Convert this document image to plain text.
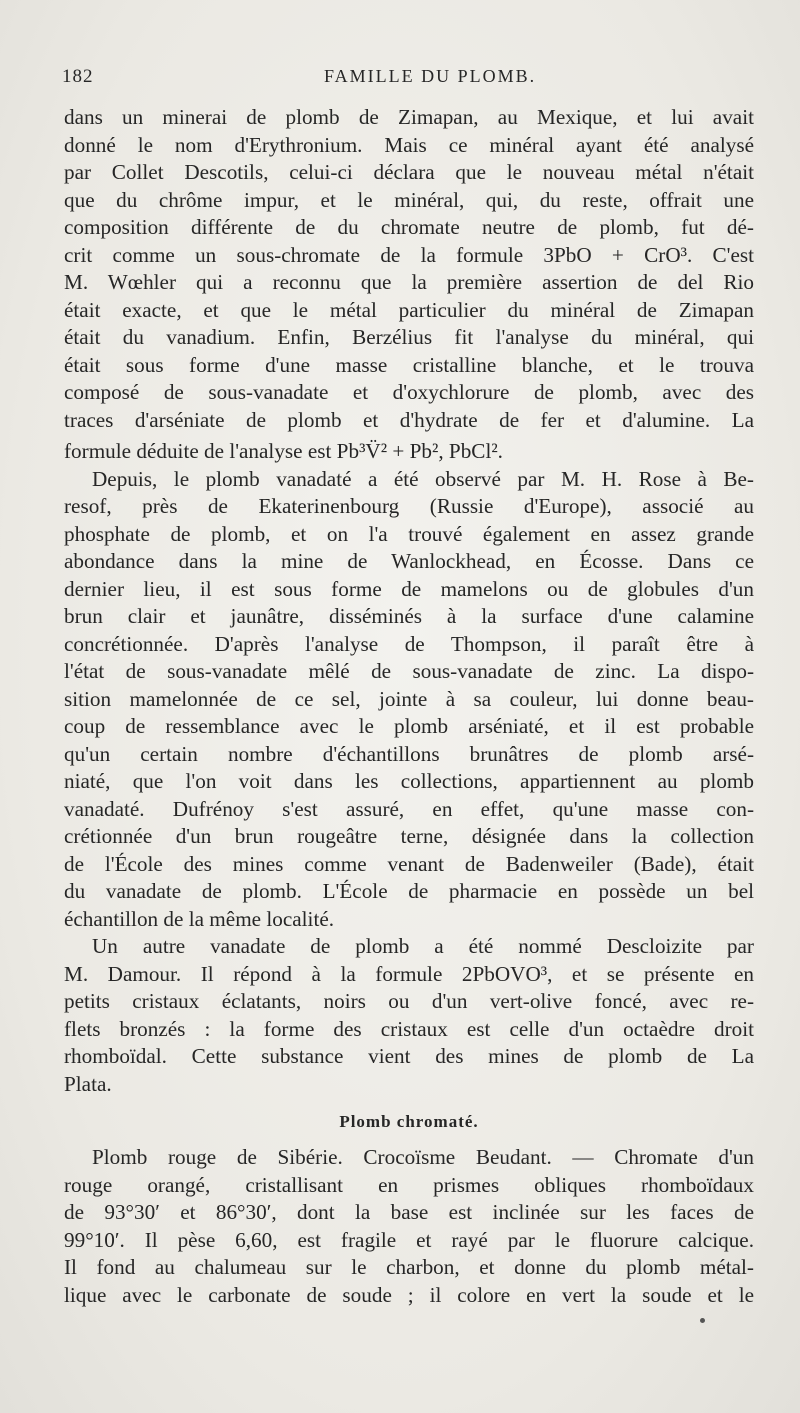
182	FAMILLE DU PLOMB.
dans un minerai de plomb de Zimapan, au Mexique, et lui avait
donné le nom d'Erythronium. Mais ce minéral ayant été analysé
par Collet Descotils, celui-ci déclara que le nouveau métal n'était
que du chrôme impur, et le minéral, qui, du reste, offrait une
composition différente de du chromate neutre de plomb, fut dé-
crit comme un sous-chromate de la formule 3PbO + CrO³. C'est
M. Wœhler qui a reconnu que la première assertion de del Rio
était exacte, et que le métal particulier du minéral de Zimapan
était du vanadium. Enfin, Berzélius fit l'analyse du minéral, qui
était sous forme d'une masse cristalline blanche, et le trouva
composé de sous-vanadate et d'oxychlorure de plomb, avec des
traces d'arséniate de plomb et d'hydrate de fer et d'alumine. La
formule déduite de l'analyse est Pb³V̈² + Pb², PbCl².
Depuis, le plomb vanadaté a été observé par M. H. Rose à Be-
resof, près de Ekaterinenbourg (Russie d'Europe), associé au
phosphate de plomb, et on l'a trouvé également en assez grande
abondance dans la mine de Wanlockhead, en Écosse. Dans ce
dernier lieu, il est sous forme de mamelons ou de globules d'un
brun clair et jaunâtre, disséminés à la surface d'une calamine
concrétionnée. D'après l'analyse de Thompson, il paraît être à
l'état de sous-vanadate mêlé de sous-vanadate de zinc. La dispo-
sition mamelonnée de ce sel, jointe à sa couleur, lui donne beau-
coup de ressemblance avec le plomb arséniaté, et il est probable
qu'un certain nombre d'échantillons brunâtres de plomb arsé-
niaté, que l'on voit dans les collections, appartiennent au plomb
vanadaté. Dufrénoy s'est assuré, en effet, qu'une masse con-
crétionnée d'un brun rougeâtre terne, désignée dans la collection
de l'École des mines comme venant de Badenweiler (Bade), était
du vanadate de plomb. L'École de pharmacie en possède un bel
échantillon de la même localité.
Un autre vanadate de plomb a été nommé Descloizite par
M. Damour. Il répond à la formule 2PbOVO³, et se présente en
petits cristaux éclatants, noirs ou d'un vert-olive foncé, avec re-
flets bronzés : la forme des cristaux est celle d'un octaèdre droit
rhomboïdal. Cette substance vient des mines de plomb de La
Plata.
Plomb chromaté.
Plomb rouge de Sibérie. Crocoïsme Beudant. — Chromate d'un
rouge orangé, cristallisant en prismes obliques rhomboïdaux
de 93°30′ et 86°30′, dont la base est inclinée sur les faces de
99°10′. Il pèse 6,60, est fragile et rayé par le fluorure calcique.
Il fond au chalumeau sur le charbon, et donne du plomb métal-
lique avec le carbonate de soude ; il colore en vert la soude et le
